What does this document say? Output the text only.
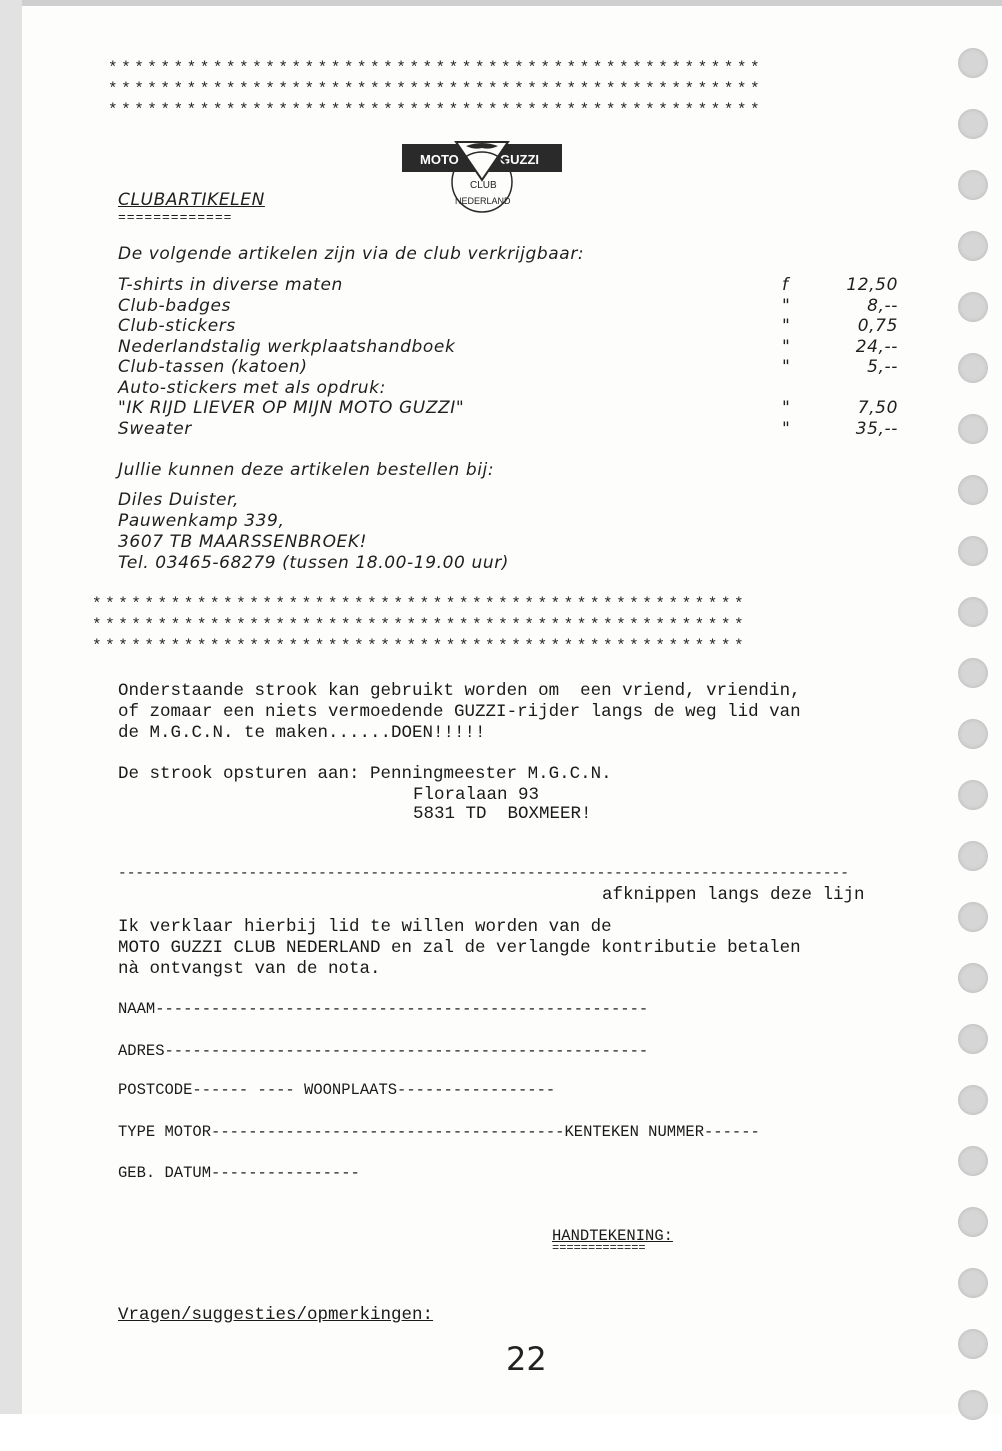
**************************************************
**************************************************
**************************************************
MOTO	GUZZI
CLUB
NEDERLAND
CLUBARTIKELEN
=============
De volgende artikelen zijn via de club verkrijgbaar:
T-shirts in diverse maten	f	12,50
Club-badges	"	8,--
Club-stickers	"	0,75
Nederlandstalig werkplaatshandboek	"	24,--
Club-tassen (katoen)	"	5,--
Auto-stickers met als opdruk:
"IK RIJD LIEVER OP MIJN MOTO GUZZI"	"	7,50
Sweater	"	35,--
Jullie kunnen deze artikelen bestellen bij:
Diles Duister,
Pauwenkamp 339,
3607 TB MAARSSENBROEK!
Tel. 03465-68279 (tussen 18.00-19.00 uur)
**************************************************
**************************************************
**************************************************
Onderstaande strook kan gebruikt worden om  een vriend, vriendin,
of zomaar een niets vermoedende GUZZI-rijder langs de weg lid van
de M.G.C.N. te maken......DOEN!!!!!
De strook opsturen aan: Penningmeester M.G.C.N.
Floralaan 93
5831 TD  BOXMEER!
------------------------------------------------------------------------------------
afknippen langs deze lijn
Ik verklaar hierbij lid te willen worden van de
MOTO GUZZI CLUB NEDERLAND en zal de verlangde kontributie betalen
nà ontvangst van de nota.
NAAM-----------------------------------------------------
ADRES----------------------------------------------------
POSTCODE------ ---- WOONPLAATS-----------------
TYPE MOTOR--------------------------------------KENTEKEN NUMMER------
GEB. DATUM----------------
HANDTEKENING:
=============
Vragen/suggesties/opmerkingen:
22
